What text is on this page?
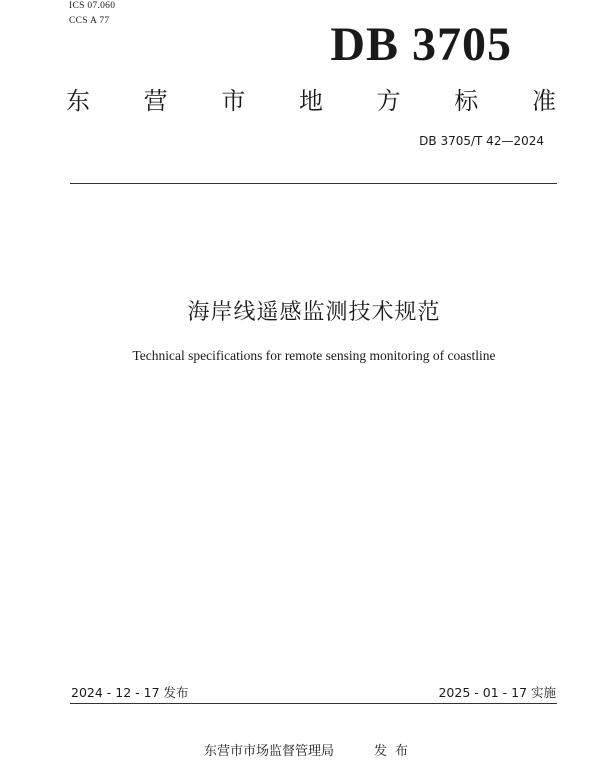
ICS 07.060
CCS A 77	DB 3705
东 营 市 地 方 标 准
DB 3705/T 42—2024
海岸线遥感监测技术规范
Technical specifications for remote sensing monitoring of coastline
2024 - 12 - 17 发布	2025 - 01 - 17 实施
东营市市场监督管理局	发布
